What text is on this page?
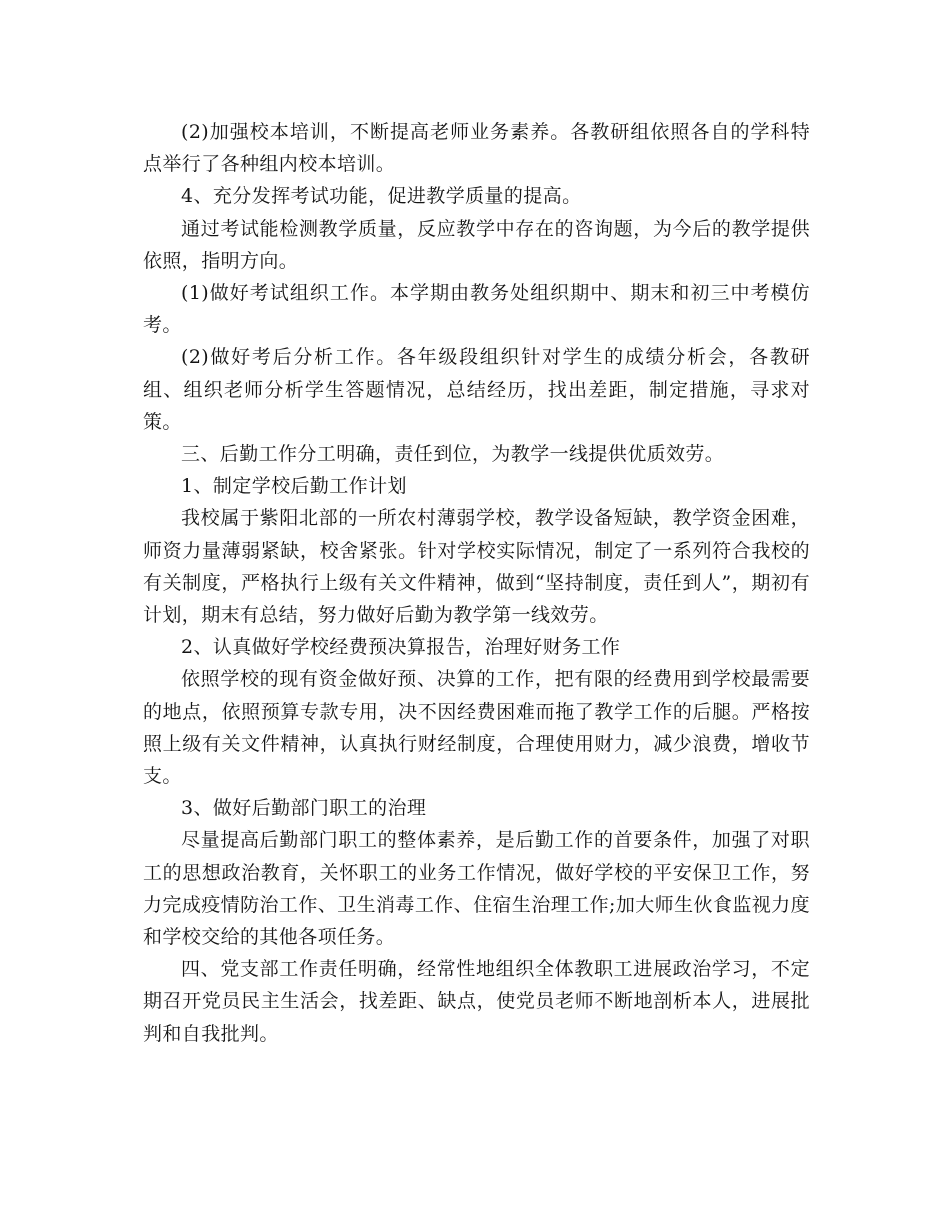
(2)加强校本培训，不断提高老师业务素养。各教研组依照各自的学科特点举行了各种组内校本培训。

4、充分发挥考试功能，促进教学质量的提高。

通过考试能检测教学质量，反应教学中存在的咨询题，为今后的教学提供依照，指明方向。

(1)做好考试组织工作。本学期由教务处组织期中、期末和初三中考模仿考。

(2)做好考后分析工作。各年级段组织针对学生的成绩分析会，各教研组、组织老师分析学生答题情况，总结经历，找出差距，制定措施，寻求对策。

三、后勤工作分工明确，责任到位，为教学一线提供优质效劳。

1、制定学校后勤工作计划

我校属于紫阳北部的一所农村薄弱学校，教学设备短缺，教学资金困难，师资力量薄弱紧缺，校舍紧张。针对学校实际情况，制定了一系列符合我校的有关制度，严格执行上级有关文件精神，做到“坚持制度，责任到人”，期初有计划，期末有总结，努力做好后勤为教学第一线效劳。

2、认真做好学校经费预决算报告，治理好财务工作

依照学校的现有资金做好预、决算的工作，把有限的经费用到学校最需要的地点，依照预算专款专用，决不因经费困难而拖了教学工作的后腿。严格按照上级有关文件精神，认真执行财经制度，合理使用财力，减少浪费，增收节支。

3、做好后勤部门职工的治理

尽量提高后勤部门职工的整体素养，是后勤工作的首要条件，加强了对职工的思想政治教育，关怀职工的业务工作情况，做好学校的平安保卫工作，努力完成疫情防治工作、卫生消毒工作、住宿生治理工作;加大师生伙食监视力度和学校交给的其他各项任务。

四、党支部工作责任明确，经常性地组织全体教职工进展政治学习，不定期召开党员民主生活会，找差距、缺点，使党员老师不断地剖析本人，进展批判和自我批判。
